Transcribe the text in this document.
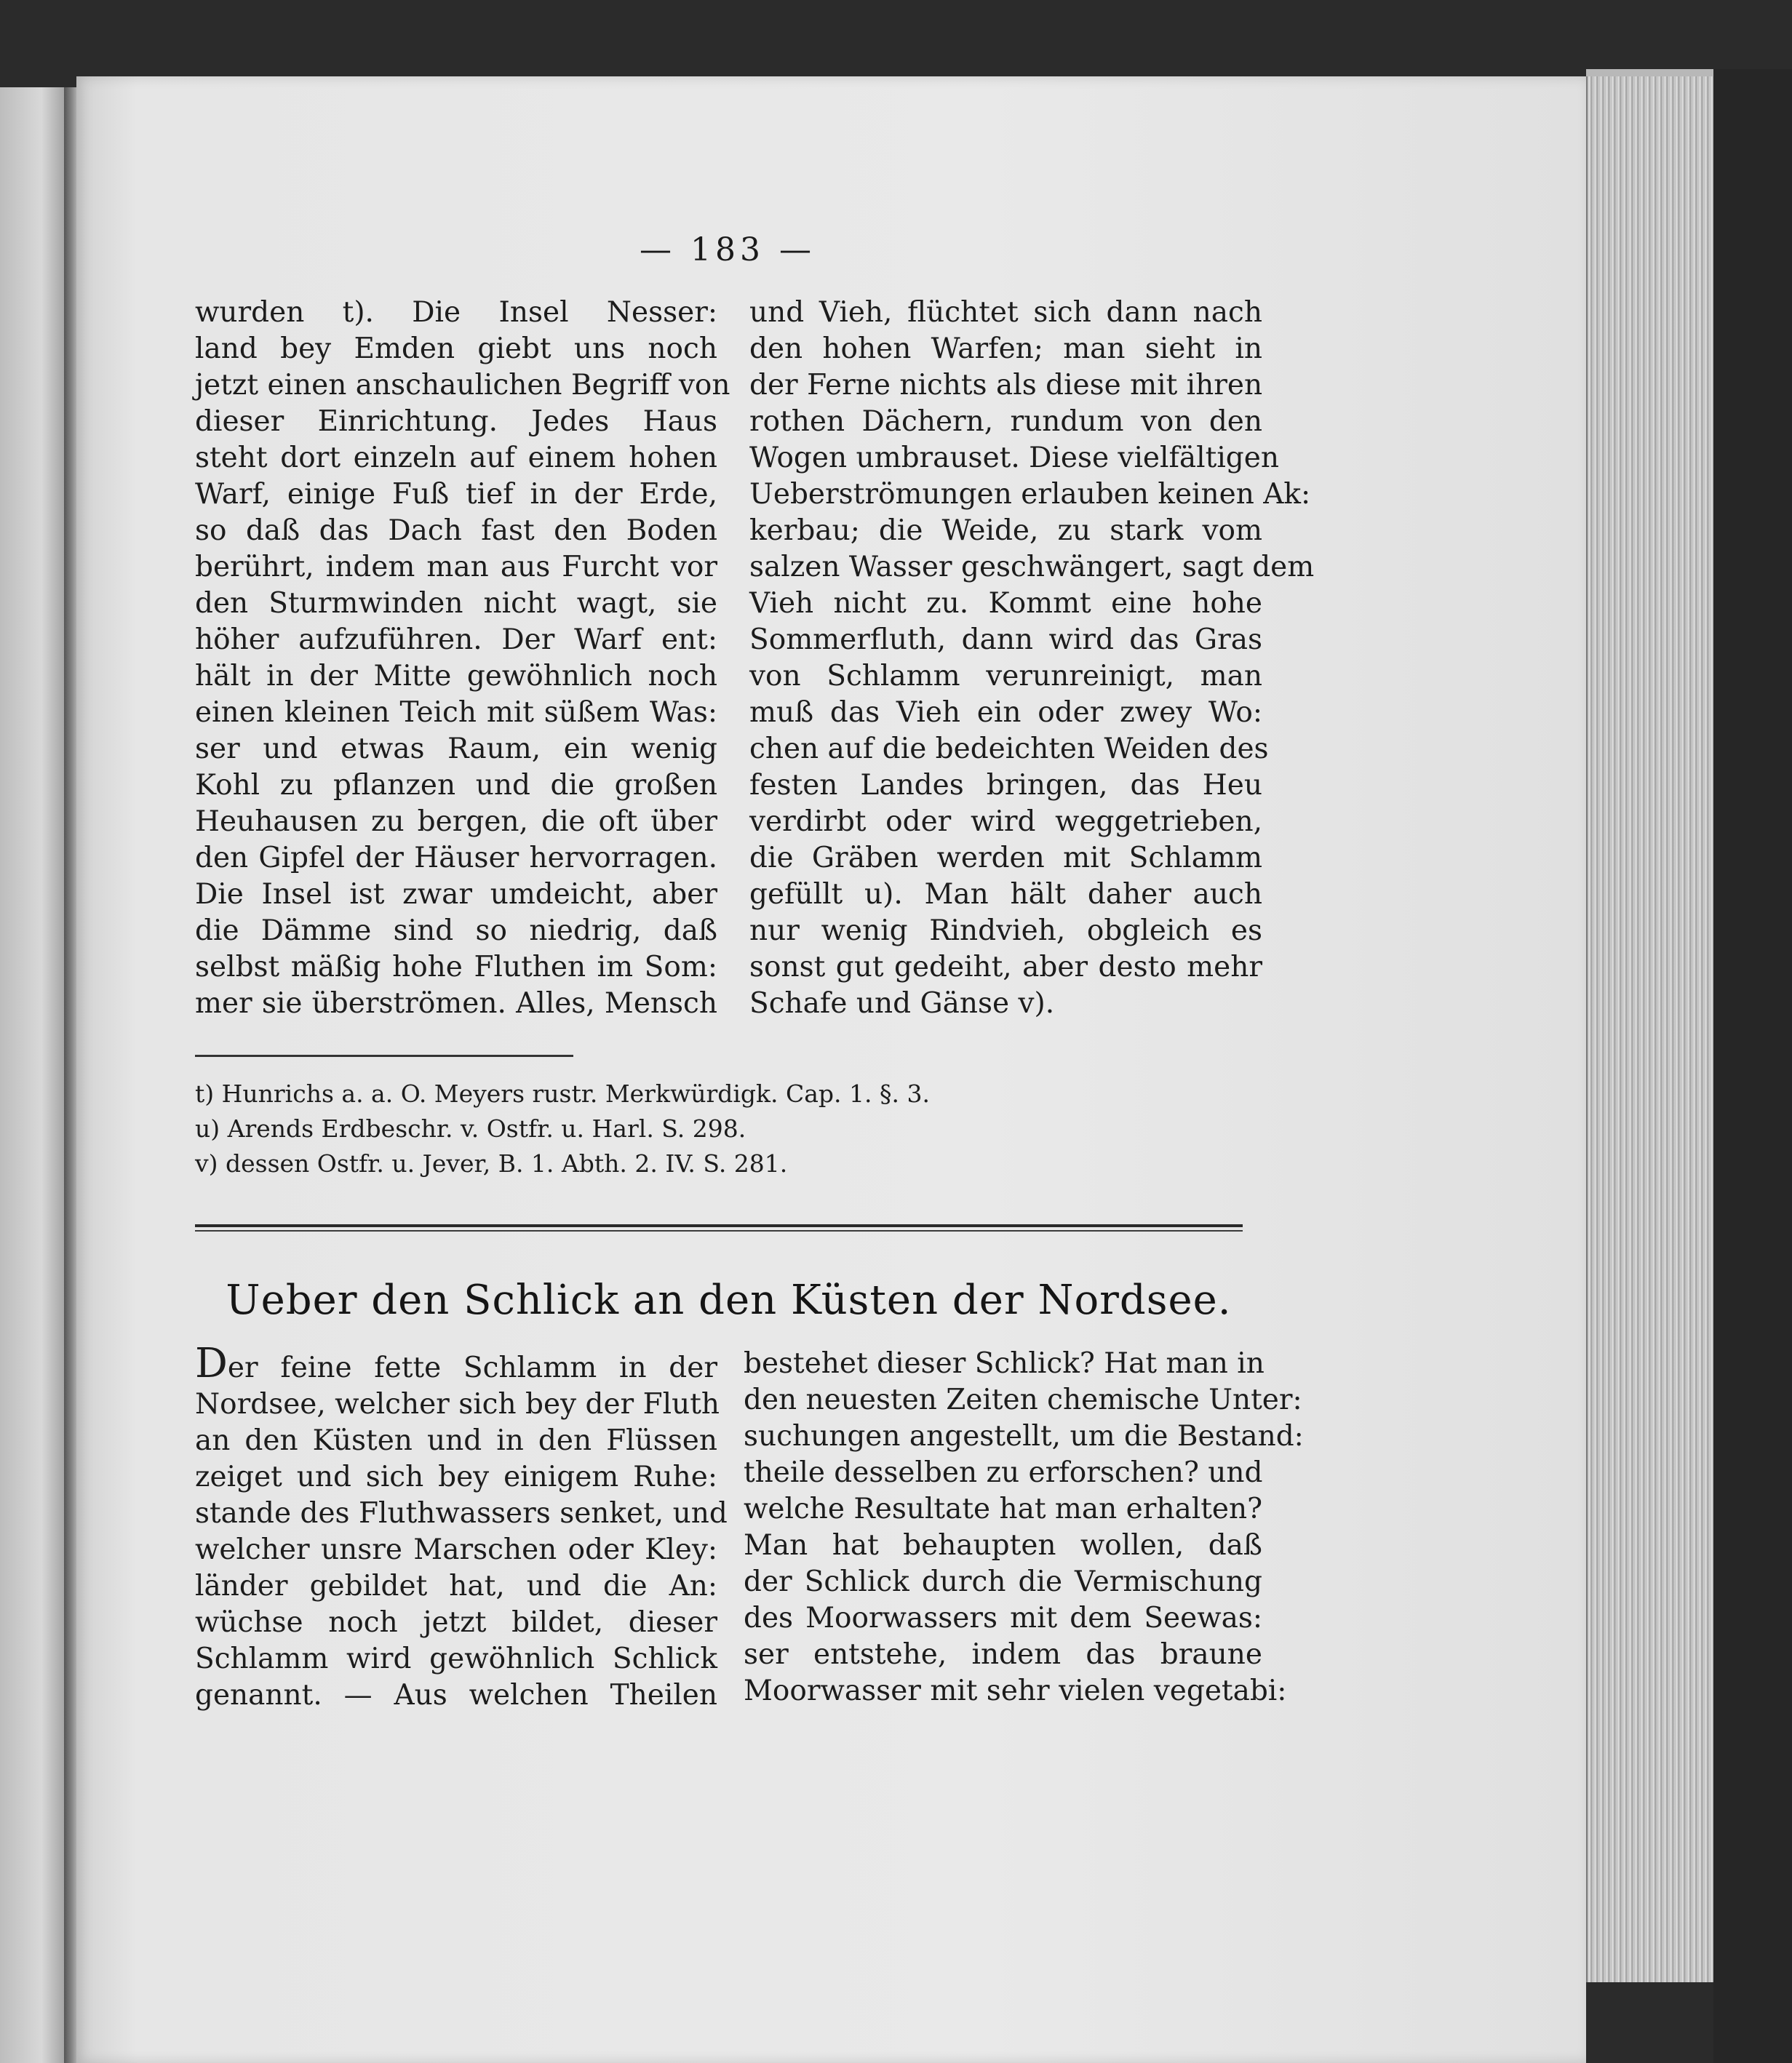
— 183 —
wurden t). Die Insel Nesser:
land bey Emden giebt uns noch
jetzt einen anschaulichen Begriff von
dieser Einrichtung. Jedes Haus
steht dort einzeln auf einem hohen
Warf, einige Fuß tief in der Erde,
so daß das Dach fast den Boden
berührt, indem man aus Furcht vor
den Sturmwinden nicht wagt, sie
höher aufzuführen. Der Warf ent:
hält in der Mitte gewöhnlich noch
einen kleinen Teich mit süßem Was:
ser und etwas Raum, ein wenig
Kohl zu pflanzen und die großen
Heuhausen zu bergen, die oft über
den Gipfel der Häuser hervorragen.
Die Insel ist zwar umdeicht, aber
die Dämme sind so niedrig, daß
selbst mäßig hohe Fluthen im Som:
mer sie überströmen. Alles, Mensch
und Vieh, flüchtet sich dann nach
den hohen Warfen; man sieht in
der Ferne nichts als diese mit ihren
rothen Dächern, rundum von den
Wogen umbrauset. Diese vielfältigen
Ueberströmungen erlauben keinen Ak:
kerbau; die Weide, zu stark vom
salzen Wasser geschwängert, sagt dem
Vieh nicht zu. Kommt eine hohe
Sommerfluth, dann wird das Gras
von Schlamm verunreinigt, man
muß das Vieh ein oder zwey Wo:
chen auf die bedeichten Weiden des
festen Landes bringen, das Heu
verdirbt oder wird weggetrieben,
die Gräben werden mit Schlamm
gefüllt u). Man hält daher auch
nur wenig Rindvieh, obgleich es
sonst gut gedeiht, aber desto mehr
Schafe und Gänse v).
t) Hunrichs a. a. O. Meyers rustr. Merkwürdigk. Cap. 1. §. 3.
u) Arends Erdbeschr. v. Ostfr. u. Harl. S. 298.
v) dessen Ostfr. u. Jever, B. 1. Abth. 2. IV. S. 281.
Ueber den Schlick an den Küsten der Nordsee.
Der feine fette Schlamm in der
Nordsee, welcher sich bey der Fluth
an den Küsten und in den Flüssen
zeiget und sich bey einigem Ruhe:
stande des Fluthwassers senket, und
welcher unsre Marschen oder Kley:
länder gebildet hat, und die An:
wüchse noch jetzt bildet, dieser
Schlamm wird gewöhnlich Schlick
genannt. — Aus welchen Theilen
bestehet dieser Schlick? Hat man in
den neuesten Zeiten chemische Unter:
suchungen angestellt, um die Bestand:
theile desselben zu erforschen? und
welche Resultate hat man erhalten?
Man hat behaupten wollen, daß
der Schlick durch die Vermischung
des Moorwassers mit dem Seewas:
ser entstehe, indem das braune
Moorwasser mit sehr vielen vegetabi:
